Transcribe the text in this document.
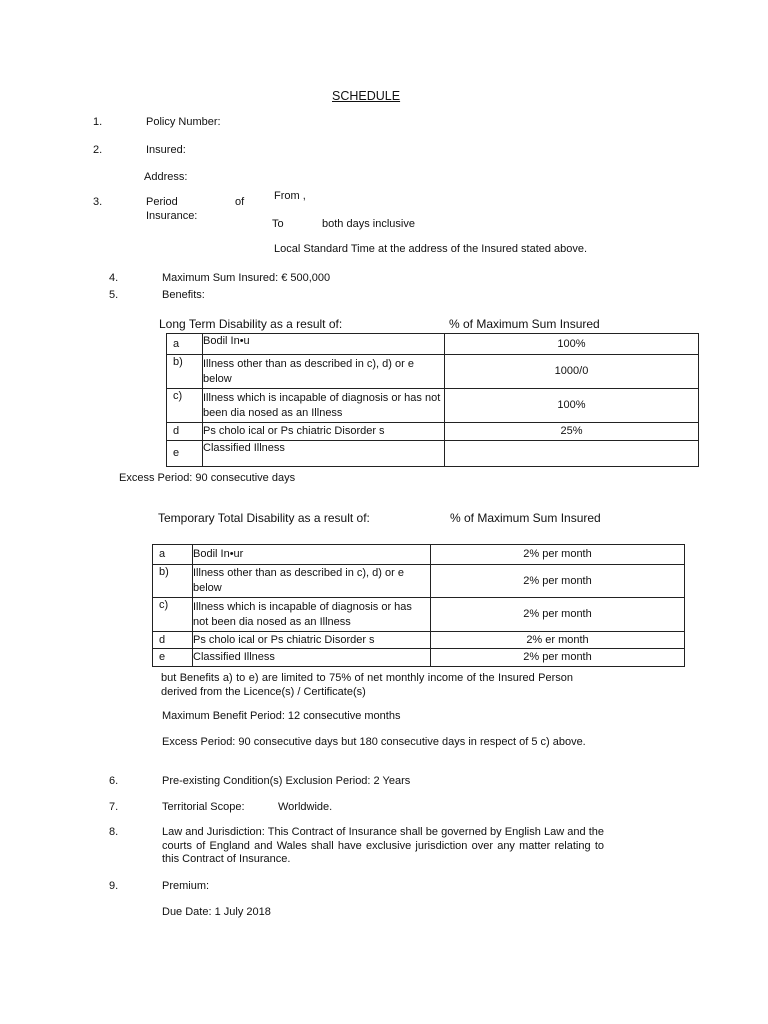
SCHEDULE
1.	Policy Number:
2.	Insured:
Address:
3.	Period	of
Insurance:
From ,
To	both days inclusive
Local Standard Time at the address of the Insured stated above.
4.	Maximum Sum Insured: € 500,000
5.	Benefits:
Long Term Disability as a result of:	% of Maximum Sum Insured
a	Bodil In•u	100%
b)	Illness other than as described in c), d) or e below	1000/0
c)	Illness which is incapable of diagnosis or has not been dia nosed as an Illness	100%
d	Ps cholo ical or Ps chiatric Disorder s	25%
e	Classified Illness	
Excess Period: 90 consecutive days
Temporary Total Disability as a result of:	% of Maximum Sum Insured
a	Bodil In•ur	2% per month
b)	Illness other than as described in c), d) or e below	2% per month
c)	Illness which is incapable of diagnosis or has not been dia nosed as an Illness	2% per month
d	Ps cholo ical or Ps chiatric Disorder s	2% er month
e	Classified Illness	2% per month
but Benefits a) to e) are limited to 75% of net monthly income of the Insured Person derived from the Licence(s) / Certificate(s)
Maximum Benefit Period: 12 consecutive months
Excess Period: 90 consecutive days but 180 consecutive days in respect of 5 c) above.
6.	Pre-existing Condition(s) Exclusion Period: 2 Years
7.	Territorial Scope:	Worldwide.
8.	Law and Jurisdiction: This Contract of Insurance shall be governed by English Law and the courts of England and Wales shall have exclusive jurisdiction over any matter relating to this Contract of Insurance.
9.	Premium:
Due Date: 1 July 2018
